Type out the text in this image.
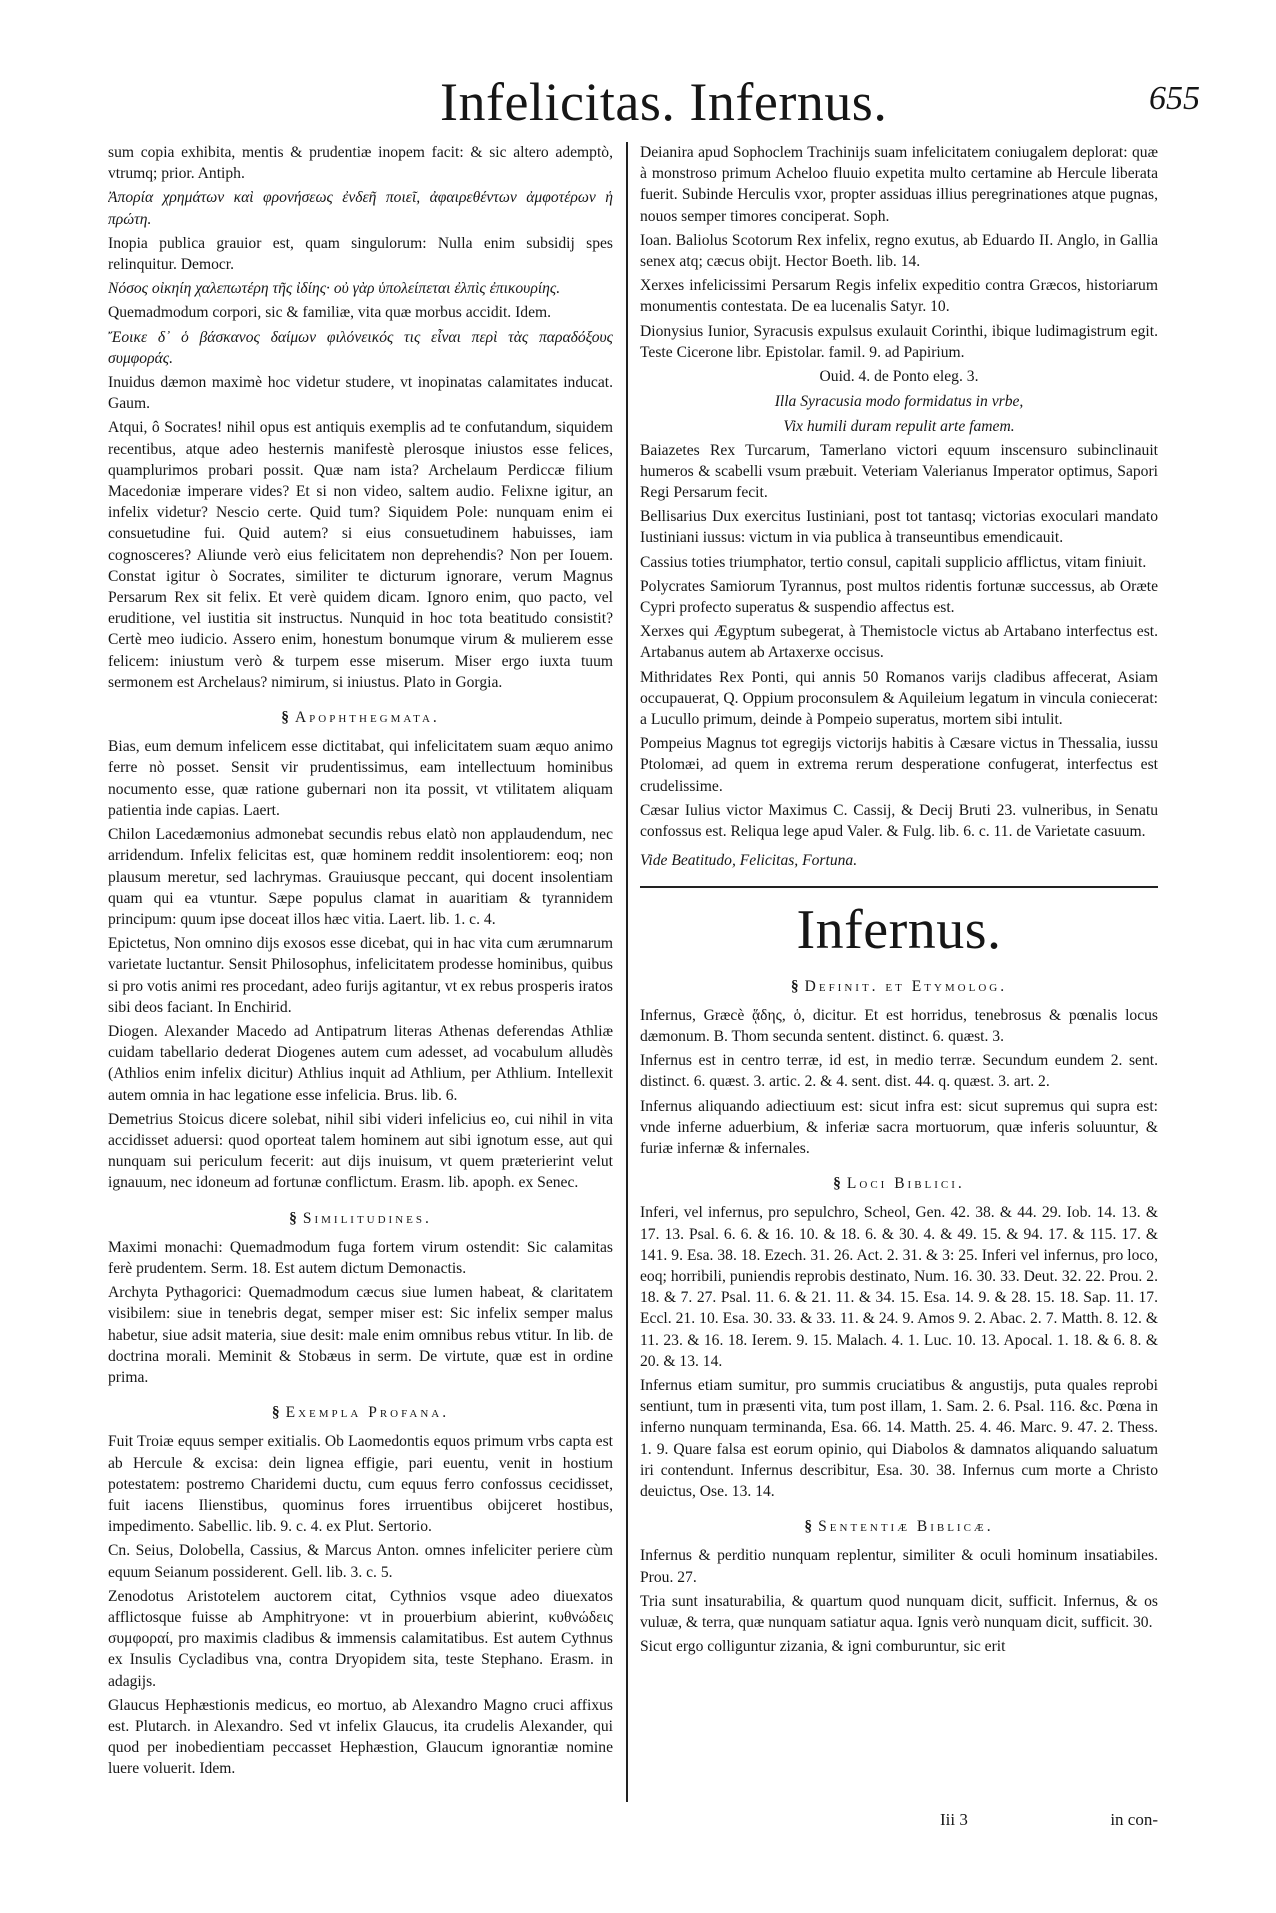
Infelicitas. Infernus.	655

sum copia exhibita, mentis & prudentiæ inopem facit: & sic altero ademptò, vtrumq; prior. Antiph.

Ἀπορία χρημάτων καὶ φρονήσεως ἐνδεῆ ποιεῖ, ἀφαιρεθέντων ἀμφοτέρων ἡ πρώτη.

Inopia publica grauior est, quam singulorum: Nulla enim subsidij spes relinquitur. Democr.

Νόσος οἰκηίη χαλεπωτέρη τῆς ἰδίης· οὐ γὰρ ὑπολείπεται ἐλπὶς ἐπικουρίης.

Quemadmodum corpori, sic & familiæ, vita quæ morbus accidit. Idem.

Ἔοικε δ᾽ ὁ βάσκανος δαίμων φιλόνεικός τις εἶναι περὶ τὰς παραδόξους συμφοράς.

Inuidus dæmon maximè hoc videtur studere, vt inopinatas calamitates inducat. Gaum.

Atqui, ô Socrates! nihil opus est antiquis exemplis ad te confutandum, siquidem recentibus, atque adeo hesternis manifestè plerosque iniustos esse felices, quamplurimos probari possit. Quæ nam ista? Archelaum Perdiccæ filium Macedoniæ imperare vides? Et si non video, saltem audio. Felixne igitur, an infelix videtur? Nescio certe. Quid tum? Siquidem Pole: nunquam enim ei consuetudine fui. Quid autem? si eius consuetudinem habuisses, iam cognosceres? Aliunde verò eius felicitatem non deprehendis? Non per Iouem. Constat igitur ò Socrates, similiter te dicturum ignorare, verum Magnus Persarum Rex sit felix. Et verè quidem dicam. Ignoro enim, quo pacto, vel eruditione, vel iustitia sit instructus. Nunquid in hoc tota beatitudo consistit? Certè meo iudicio. Assero enim, honestum bonumque virum & mulierem esse felicem: iniustum verò & turpem esse miserum. Miser ergo iuxta tuum sermonem est Archelaus? nimirum, si iniustus. Plato in Gorgia.

§ Apophthegmata.

Bias, eum demum infelicem esse dictitabat, qui infelicitatem suam æquo animo ferre nò posset. Sensit vir prudentissimus, eam intellectuum hominibus nocumento esse, quæ ratione gubernari non ita possit, vt vtilitatem aliquam patientia inde capias. Laert.

Chilon Lacedæmonius admonebat secundis rebus elatò non applaudendum, nec arridendum. Infelix felicitas est, quæ hominem reddit insolentiorem: eoq; non plausum meretur, sed lachrymas. Grauiusque peccant, qui docent insolentiam quam qui ea vtuntur. Sæpe populus clamat in auaritiam & tyrannidem principum: quum ipse doceat illos hæc vitia. Laert. lib. 1. c. 4.

Epictetus, Non omnino dijs exosos esse dicebat, qui in hac vita cum ærumnarum varietate luctantur. Sensit Philosophus, infelicitatem prodesse hominibus, quibus si pro votis animi res procedant, adeo furijs agitantur, vt ex rebus prosperis iratos sibi deos faciant. In Enchirid.

Diogen. Alexander Macedo ad Antipatrum literas Athenas deferendas Athliæ cuidam tabellario dederat Diogenes autem cum adesset, ad vocabulum alludès (Athlios enim infelix dicitur) Athlius inquit ad Athlium, per Athlium. Intellexit autem omnia in hac legatione esse infelicia. Brus. lib. 6.

Demetrius Stoicus dicere solebat, nihil sibi videri infelicius eo, cui nihil in vita accidisset aduersi: quod oporteat talem hominem aut sibi ignotum esse, aut qui nunquam sui periculum fecerit: aut dijs inuisum, vt quem præterierint velut ignauum, nec idoneum ad fortunæ conflictum. Erasm. lib. apoph. ex Senec.

§ Similitudines.

Maximi monachi: Quemadmodum fuga fortem virum ostendit: Sic calamitas ferè prudentem. Serm. 18. Est autem dictum Demonactis.

Archyta Pythagorici: Quemadmodum cæcus siue lumen habeat, & claritatem visibilem: siue in tenebris degat, semper miser est: Sic infelix semper malus habetur, siue adsit materia, siue desit: male enim omnibus rebus vtitur. In lib. de doctrina morali. Meminit & Stobæus in serm. De virtute, quæ est in ordine prima.

§ Exempla Profana.

Fuit Troiæ equus semper exitialis. Ob Laomedontis equos primum vrbs capta est ab Hercule & excisa: dein lignea effigie, pari euentu, venit in hostium potestatem: postremo Charidemi ductu, cum equus ferro confossus cecidisset, fuit iacens Ilienstibus, quominus fores irruentibus obijceret hostibus, impedimento. Sabellic. lib. 9. c. 4. ex Plut. Sertorio.

Cn. Seius, Dolobella, Cassius, & Marcus Anton. omnes infeliciter periere cùm equum Seianum possiderent. Gell. lib. 3. c. 5.

Zenodotus Aristotelem auctorem citat, Cythnios vsque adeo diuexatos afflictosque fuisse ab Amphitryone: vt in prouerbium abierint, κυθνώδεις συμφοραί, pro maximis cladibus & immensis calamitatibus. Est autem Cythnus ex Insulis Cycladibus vna, contra Dryopidem sita, teste Stephano. Erasm. in adagijs.

Glaucus Hephæstionis medicus, eo mortuo, ab Alexandro Magno cruci affixus est. Plutarch. in Alexandro. Sed vt infelix Glaucus, ita crudelis Alexander, qui quod per inobedientiam peccasset Hephæstion, Glaucum ignorantiæ nomine luere voluerit. Idem.

Deianira apud Sophoclem Trachinijs suam infelicitatem coniugalem deplorat: quæ à monstroso primum Acheloo fluuio expetita multo certamine ab Hercule liberata fuerit. Subinde Herculis vxor, propter assiduas illius peregrinationes atque pugnas, nouos semper timores conciperat. Soph.

Ioan. Baliolus Scotorum Rex infelix, regno exutus, ab Eduardo II. Anglo, in Gallia senex atq; cæcus obijt. Hector Boeth. lib. 14.

Xerxes infelicissimi Persarum Regis infelix expeditio contra Græcos, historiarum monumentis contestata. De ea lucenalis Satyr. 10.

Dionysius Iunior, Syracusis expulsus exulauit Corinthi, ibique ludimagistrum egit. Teste Cicerone libr. Epistolar. famil. 9. ad Papirium.

Ouid. 4. de Ponto eleg. 3.

Illa Syracusia modo formidatus in vrbe,

Vix humili duram repulit arte famem.

Baiazetes Rex Turcarum, Tamerlano victori equum inscensuro subinclinauit humeros & scabelli vsum præbuit. Veteriam Valerianus Imperator optimus, Sapori Regi Persarum fecit.

Bellisarius Dux exercitus Iustiniani, post tot tantasq; victorias exoculari mandato Iustiniani iussus: victum in via publica à transeuntibus emendicauit.

Cassius toties triumphator, tertio consul, capitali supplicio afflictus, vitam finiuit.

Polycrates Samiorum Tyrannus, post multos ridentis fortunæ successus, ab Oræte Cypri profecto superatus & suspendio affectus est.

Xerxes qui Ægyptum subegerat, à Themistocle victus ab Artabano interfectus est. Artabanus autem ab Artaxerxe occisus.

Mithridates Rex Ponti, qui annis 50 Romanos varijs cladibus affecerat, Asiam occupauerat, Q. Oppium proconsulem & Aquileium legatum in vincula coniecerat: a Lucullo primum, deinde à Pompeio superatus, mortem sibi intulit.

Pompeius Magnus tot egregijs victorijs habitis à Cæsare victus in Thessalia, iussu Ptolomæi, ad quem in extrema rerum desperatione confugerat, interfectus est crudelissime.

Cæsar Iulius victor Maximus C. Cassij, & Decij Bruti 23. vulneribus, in Senatu confossus est. Reliqua lege apud Valer. & Fulg. lib. 6. c. 11. de Varietate casuum.

Vide Beatitudo, Felicitas, Fortuna.

Infernus.
§ Definit. et Etymolog.

Infernus, Græcè ᾅδης, ὁ, dicitur. Et est horridus, tenebrosus & pœnalis locus dæmonum. B. Thom secunda sentent. distinct. 6. quæst. 3.

Infernus est in centro terræ, id est, in medio terræ. Secundum eundem 2. sent. distinct. 6. quæst. 3. artic. 2. & 4. sent. dist. 44. q. quæst. 3. art. 2.

Infernus aliquando adiectiuum est: sicut infra est: sicut supremus qui supra est: vnde inferne aduerbium, & inferiæ sacra mortuorum, quæ inferis soluuntur, & furiæ infernæ & infernales.

§ Loci Biblici.

Inferi, vel infernus, pro sepulchro, Scheol, Gen. 42. 38. & 44. 29. Iob. 14. 13. & 17. 13. Psal. 6. 6. & 16. 10. & 18. 6. & 30. 4. & 49. 15. & 94. 17. & 115. 17. & 141. 9. Esa. 38. 18. Ezech. 31. 26. Act. 2. 31. & 3: 25. Inferi vel infernus, pro loco, eoq; horribili, puniendis reprobis destinato, Num. 16. 30. 33. Deut. 32. 22. Prou. 2. 18. & 7. 27. Psal. 11. 6. & 21. 11. & 34. 15. Esa. 14. 9. & 28. 15. 18. Sap. 11. 17. Eccl. 21. 10. Esa. 30. 33. & 33. 11. & 24. 9. Amos 9. 2. Abac. 2. 7. Matth. 8. 12. & 11. 23. & 16. 18. Ierem. 9. 15. Malach. 4. 1. Luc. 10. 13. Apocal. 1. 18. & 6. 8. & 20. & 13. 14.

Infernus etiam sumitur, pro summis cruciatibus & angustijs, puta quales reprobi sentiunt, tum in præsenti vita, tum post illam, 1. Sam. 2. 6. Psal. 116. &c. Pœna in inferno nunquam terminanda, Esa. 66. 14. Matth. 25. 4. 46. Marc. 9. 47. 2. Thess. 1. 9. Quare falsa est eorum opinio, qui Diabolos & damnatos aliquando saluatum iri contendunt. Infernus describitur, Esa. 30. 38. Infernus cum morte a Christo deuictus, Ose. 13. 14.

§ Sententiæ Biblicæ.

Infernus & perditio nunquam replentur, similiter & oculi hominum insatiabiles. Prou. 27.

Tria sunt insaturabilia, & quartum quod nunquam dicit, sufficit. Infernus, & os vuluæ, & terra, quæ nunquam satiatur aqua. Ignis verò nunquam dicit, sufficit. 30.

Sicut ergo colliguntur zizania, & igni comburuntur, sic erit

Iii 3	in con-
